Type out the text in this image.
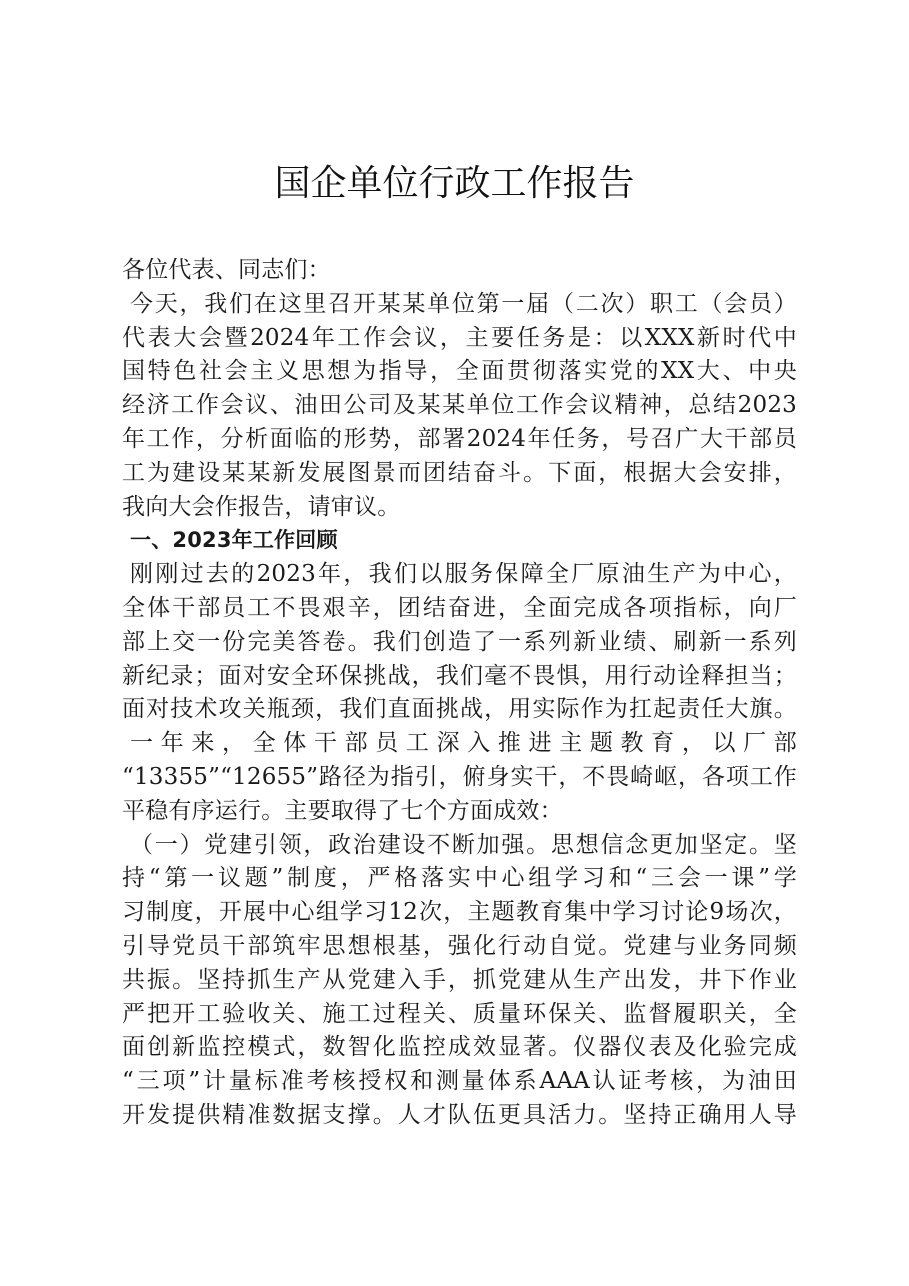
国企单位行政工作报告
各位代表、同志们：
今天，我们在这里召开某某单位第一届（二次）职工（会员）
代表大会暨2024年工作会议，主要任务是：以XXX新时代中
国特色社会主义思想为指导，全面贯彻落实党的XX大、中央
经济工作会议、油田公司及某某单位工作会议精神，总结2023
年工作，分析面临的形势，部署2024年任务，号召广大干部员
工为建设某某新发展图景而团结奋斗。下面，根据大会安排，
我向大会作报告，请审议。
一、2023年工作回顾
刚刚过去的2023年，我们以服务保障全厂原油生产为中心，
全体干部员工不畏艰辛，团结奋进，全面完成各项指标，向厂
部上交一份完美答卷。我们创造了一系列新业绩、刷新一系列
新纪录；面对安全环保挑战，我们毫不畏惧，用行动诠释担当；
面对技术攻关瓶颈，我们直面挑战，用实际作为扛起责任大旗。
一年来，全体干部员工深入推进主题教育，以厂部
“13355”“12655”路径为指引，俯身实干，不畏崎岖，各项工作
平稳有序运行。主要取得了七个方面成效：
（一）党建引领，政治建设不断加强。思想信念更加坚定。坚
持“第一议题”制度，严格落实中心组学习和“三会一课”学
习制度，开展中心组学习12次，主题教育集中学习讨论9场次，
引导党员干部筑牢思想根基，强化行动自觉。党建与业务同频
共振。坚持抓生产从党建入手，抓党建从生产出发，井下作业
严把开工验收关、施工过程关、质量环保关、监督履职关，全
面创新监控模式，数智化监控成效显著。仪器仪表及化验完成
“三项”计量标准考核授权和测量体系AAA认证考核，为油田
开发提供精准数据支撑。人才队伍更具活力。坚持正确用人导
